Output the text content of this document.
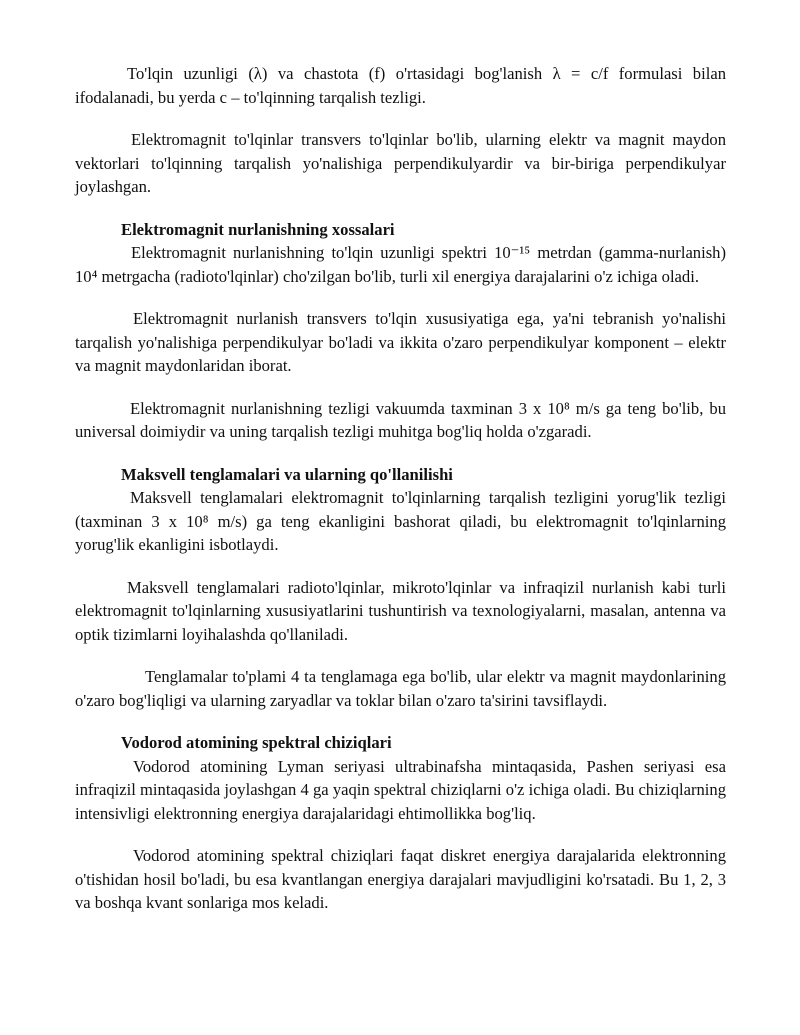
To'lqin uzunligi (λ) va chastota (f) o'rtasidagi bog'lanish λ = c/f formulasi bilan ifodalanadi, bu yerda c – to'lqinning tarqalish tezligi.

Elektromagnit to'lqinlar transvers to'lqinlar bo'lib, ularning elektr va magnit maydon vektorlari to'lqinning tarqalish yo'nalishiga perpendikulyardir va bir-biriga perpendikulyar joylashgan.

Elektromagnit nurlanishning xossalari

Elektromagnit nurlanishning to'lqin uzunligi spektri 10⁻¹⁵ metrdan (gamma-nurlanish) 10⁴ metrgacha (radioto'lqinlar) cho'zilgan bo'lib, turli xil energiya darajalarini o'z ichiga oladi.

Elektromagnit nurlanish transvers to'lqin xususiyatiga ega, ya'ni tebranish yo'nalishi tarqalish yo'nalishiga perpendikulyar bo'ladi va ikkita o'zaro perpendikulyar komponent – elektr va magnit maydonlaridan iborat.

Elektromagnit nurlanishning tezligi vakuumda taxminan 3 x 10⁸ m/s ga teng bo'lib, bu universal doimiydir va uning tarqalish tezligi muhitga bog'liq holda o'zgaradi.

Maksvell tenglamalari va ularning qo'llanilishi

Maksvell tenglamalari elektromagnit to'lqinlarning tarqalish tezligini yorug'lik tezligi (taxminan 3 x 10⁸ m/s) ga teng ekanligini bashorat qiladi, bu elektromagnit to'lqinlarning yorug'lik ekanligini isbotlaydi.

Maksvell tenglamalari radioto'lqinlar, mikroto'lqinlar va infraqizil nurlanish kabi turli elektromagnit to'lqinlarning xususiyatlarini tushuntirish va texnologiyalarni, masalan, antenna va optik tizimlarni loyihalashda qo'llaniladi.

Tenglamalar to'plami 4 ta tenglamaga ega bo'lib, ular elektr va magnit maydonlarining o'zaro bog'liqligi va ularning zaryadlar va toklar bilan o'zaro ta'sirini tavsiflaydi.

Vodorod atomining spektral chiziqlari

Vodorod atomining Lyman seriyasi ultrabinafsha mintaqasida, Pashen seriyasi esa infraqizil mintaqasida joylashgan 4 ga yaqin spektral chiziqlarni o'z ichiga oladi. Bu chiziqlarning intensivligi elektronning energiya darajalaridagi ehtimollikka bog'liq.

Vodorod atomining spektral chiziqlari faqat diskret energiya darajalarida elektronning o'tishidan hosil bo'ladi, bu esa kvantlangan energiya darajalari mavjudligini ko'rsatadi. Bu 1, 2, 3 va boshqa kvant sonlariga mos keladi.
